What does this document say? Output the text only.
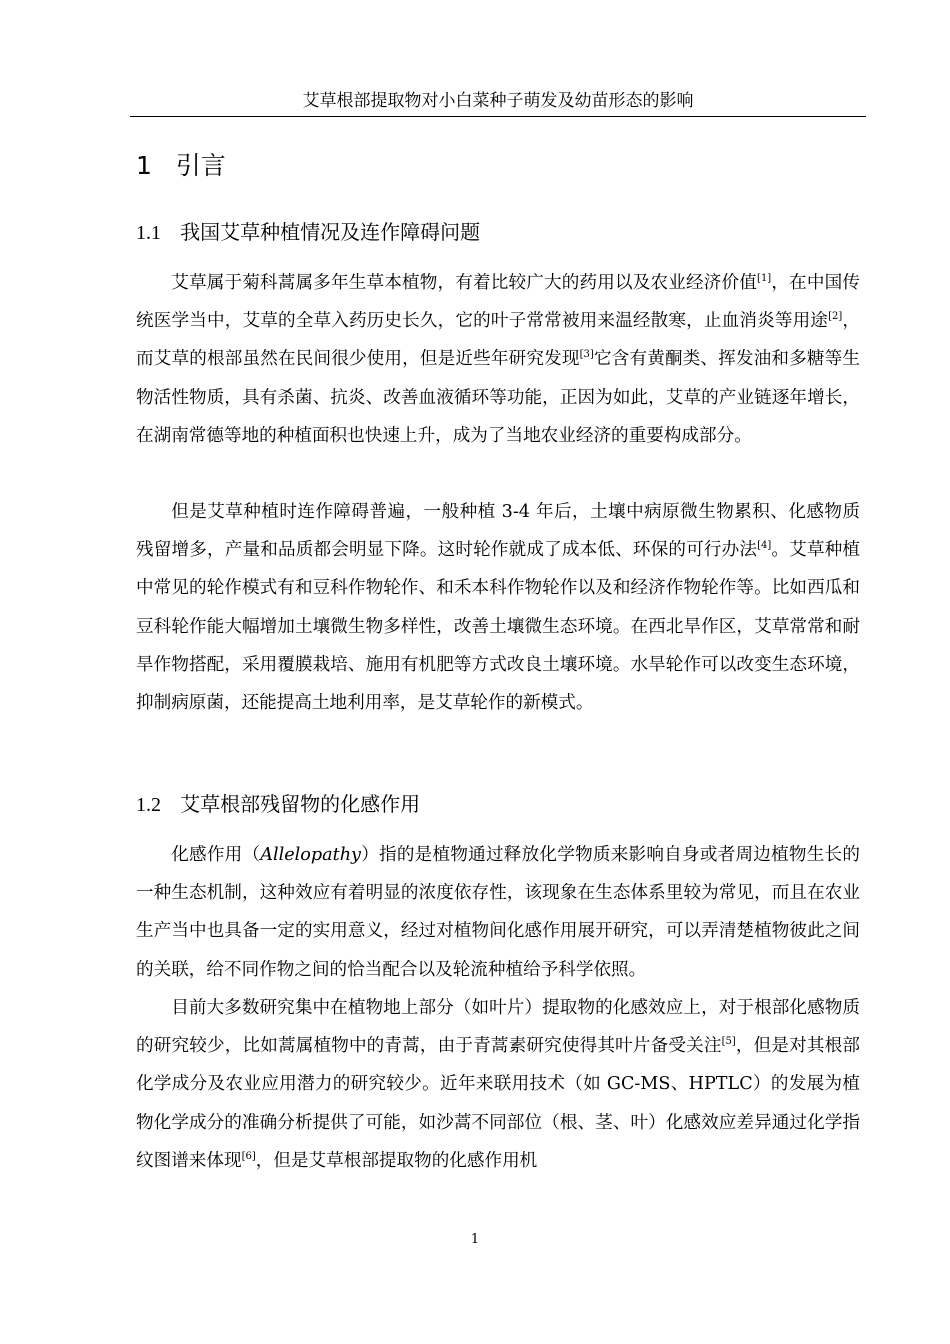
艾草根部提取物对小白菜种子萌发及幼苗形态的影响
1 引言
1.1 我国艾草种植情况及连作障碍问题

艾草属于菊科蒿属多年生草本植物，有着比较广大的药用以及农业经济价值[1]，在中国传统医学当中，艾草的全草入药历史长久，它的叶子常常被用来温经散寒，止血消炎等用途[2]，而艾草的根部虽然在民间很少使用，但是近些年研究发现[3]它含有黄酮类、挥发油和多糖等生物活性物质，具有杀菌、抗炎、改善血液循环等功能，正因为如此，艾草的产业链逐年增长，在湖南常德等地的种植面积也快速上升，成为了当地农业经济的重要构成部分。

但是艾草种植时连作障碍普遍，一般种植 3-4 年后，土壤中病原微生物累积、化感物质残留增多，产量和品质都会明显下降。这时轮作就成了成本低、环保的可行办法[4]。艾草种植中常见的轮作模式有和豆科作物轮作、和禾本科作物轮作以及和经济作物轮作等。比如西瓜和豆科轮作能大幅增加土壤微生物多样性，改善土壤微生态环境。在西北旱作区，艾草常常和耐旱作物搭配，采用覆膜栽培、施用有机肥等方式改良土壤环境。水旱轮作可以改变生态环境，抑制病原菌，还能提高土地利用率，是艾草轮作的新模式。

1.2 艾草根部残留物的化感作用

化感作用（Allelopathy）指的是植物通过释放化学物质来影响自身或者周边植物生长的一种生态机制，这种效应有着明显的浓度依存性，该现象在生态体系里较为常见，而且在农业生产当中也具备一定的实用意义，经过对植物间化感作用展开研究，可以弄清楚植物彼此之间的关联，给不同作物之间的恰当配合以及轮流种植给予科学依照。

目前大多数研究集中在植物地上部分（如叶片）提取物的化感效应上，对于根部化感物质的研究较少，比如蒿属植物中的青蒿，由于青蒿素研究使得其叶片备受关注[5]，但是对其根部化学成分及农业应用潜力的研究较少。近年来联用技术（如 GC-MS、HPTLC）的发展为植物化学成分的准确分析提供了可能，如沙蒿不同部位（根、茎、叶）化感效应差异通过化学指纹图谱来体现[6]，但是艾草根部提取物的化感作用机

1
